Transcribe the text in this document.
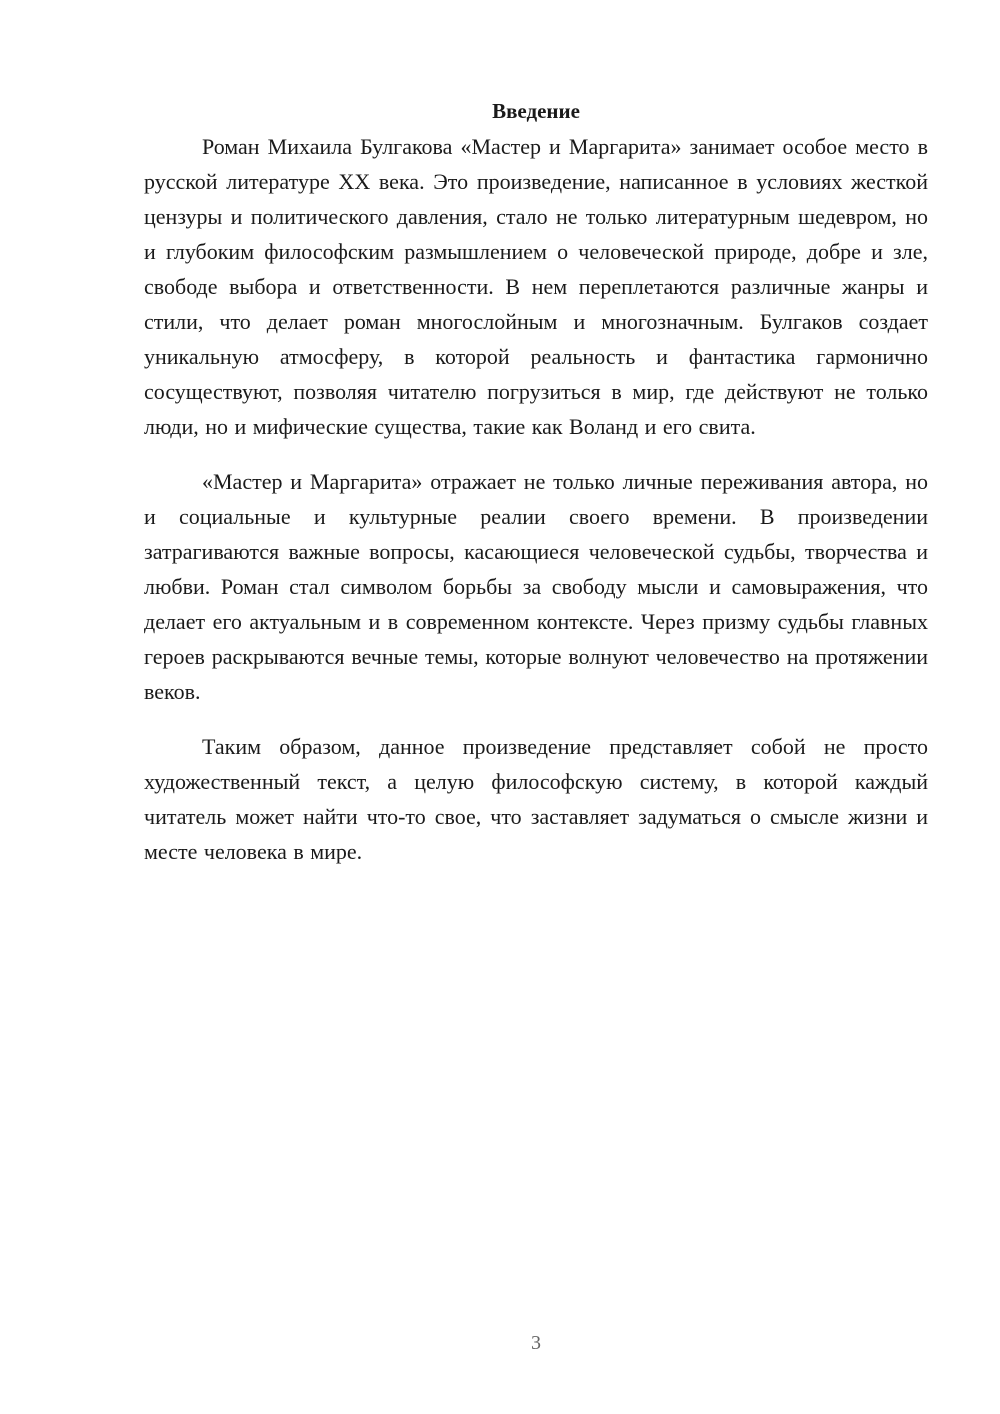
Введение

Роман Михаила Булгакова «Мастер и Маргарита» занимает особое место в русской литературе XX века. Это произведение, написанное в условиях жесткой цензуры и политического давления, стало не только литературным шедевром, но и глубоким философским размышлением о человеческой природе, добре и зле, свободе выбора и ответственности. В нем переплетаются различные жанры и стили, что делает роман многослойным и многозначным. Булгаков создает уникальную атмосферу, в которой реальность и фантастика гармонично сосуществуют, позволяя читателю погрузиться в мир, где действуют не только люди, но и мифические существа, такие как Воланд и его свита.

«Мастер и Маргарита» отражает не только личные переживания автора, но и социальные и культурные реалии своего времени. В произведении затрагиваются важные вопросы, касающиеся человеческой судьбы, творчества и любви. Роман стал символом борьбы за свободу мысли и самовыражения, что делает его актуальным и в современном контексте. Через призму судьбы главных героев раскрываются вечные темы, которые волнуют человечество на протяжении веков.

Таким образом, данное произведение представляет собой не просто художественный текст, а целую философскую систему, в которой каждый читатель может найти что-то свое, что заставляет задуматься о смысле жизни и месте человека в мире.

3
